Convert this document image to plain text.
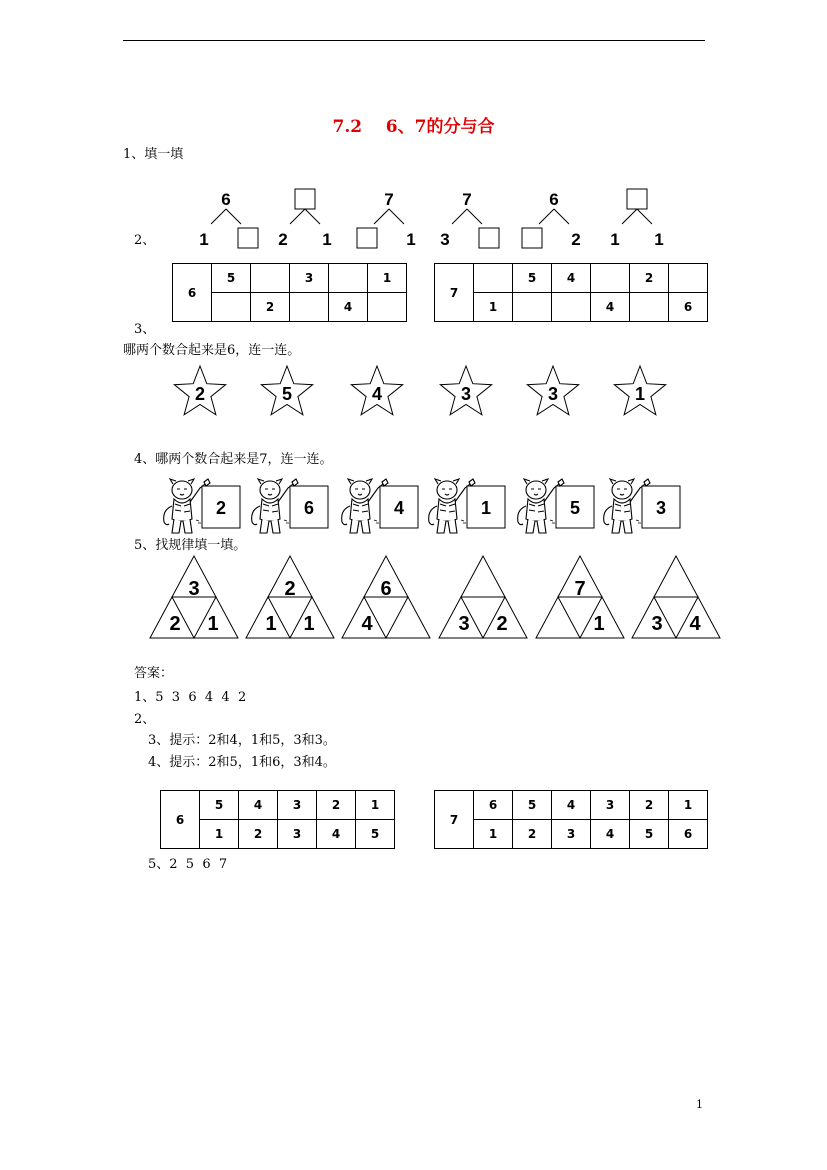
7.2    6、7的分与合
1、填一填
6
1	2 1
7
1
7
3
6
2 1 1
2、
6	5		3		1
		2		4	
7		5	4		2	
	1			4		6
3、
哪两个数合起来是6，连一连。
2	5	4	3	3	1
4、哪两个数合起来是7，连一连。
2	6	4	1	5	3
5、找规律填一填。
3
2 1
2
1 1
6
4	3 2
7
1 3 4
答案：
1、5  3  6  4  4  2
2、
3、提示：2和4，1和5，3和3。
4、提示：2和5，1和6，3和4。
6	5	4	3	2	1
	1	2	3	4	5
7	6	5	4	3	2	1
	1	2	3	4	5	6
5、2  5  6  7
1
